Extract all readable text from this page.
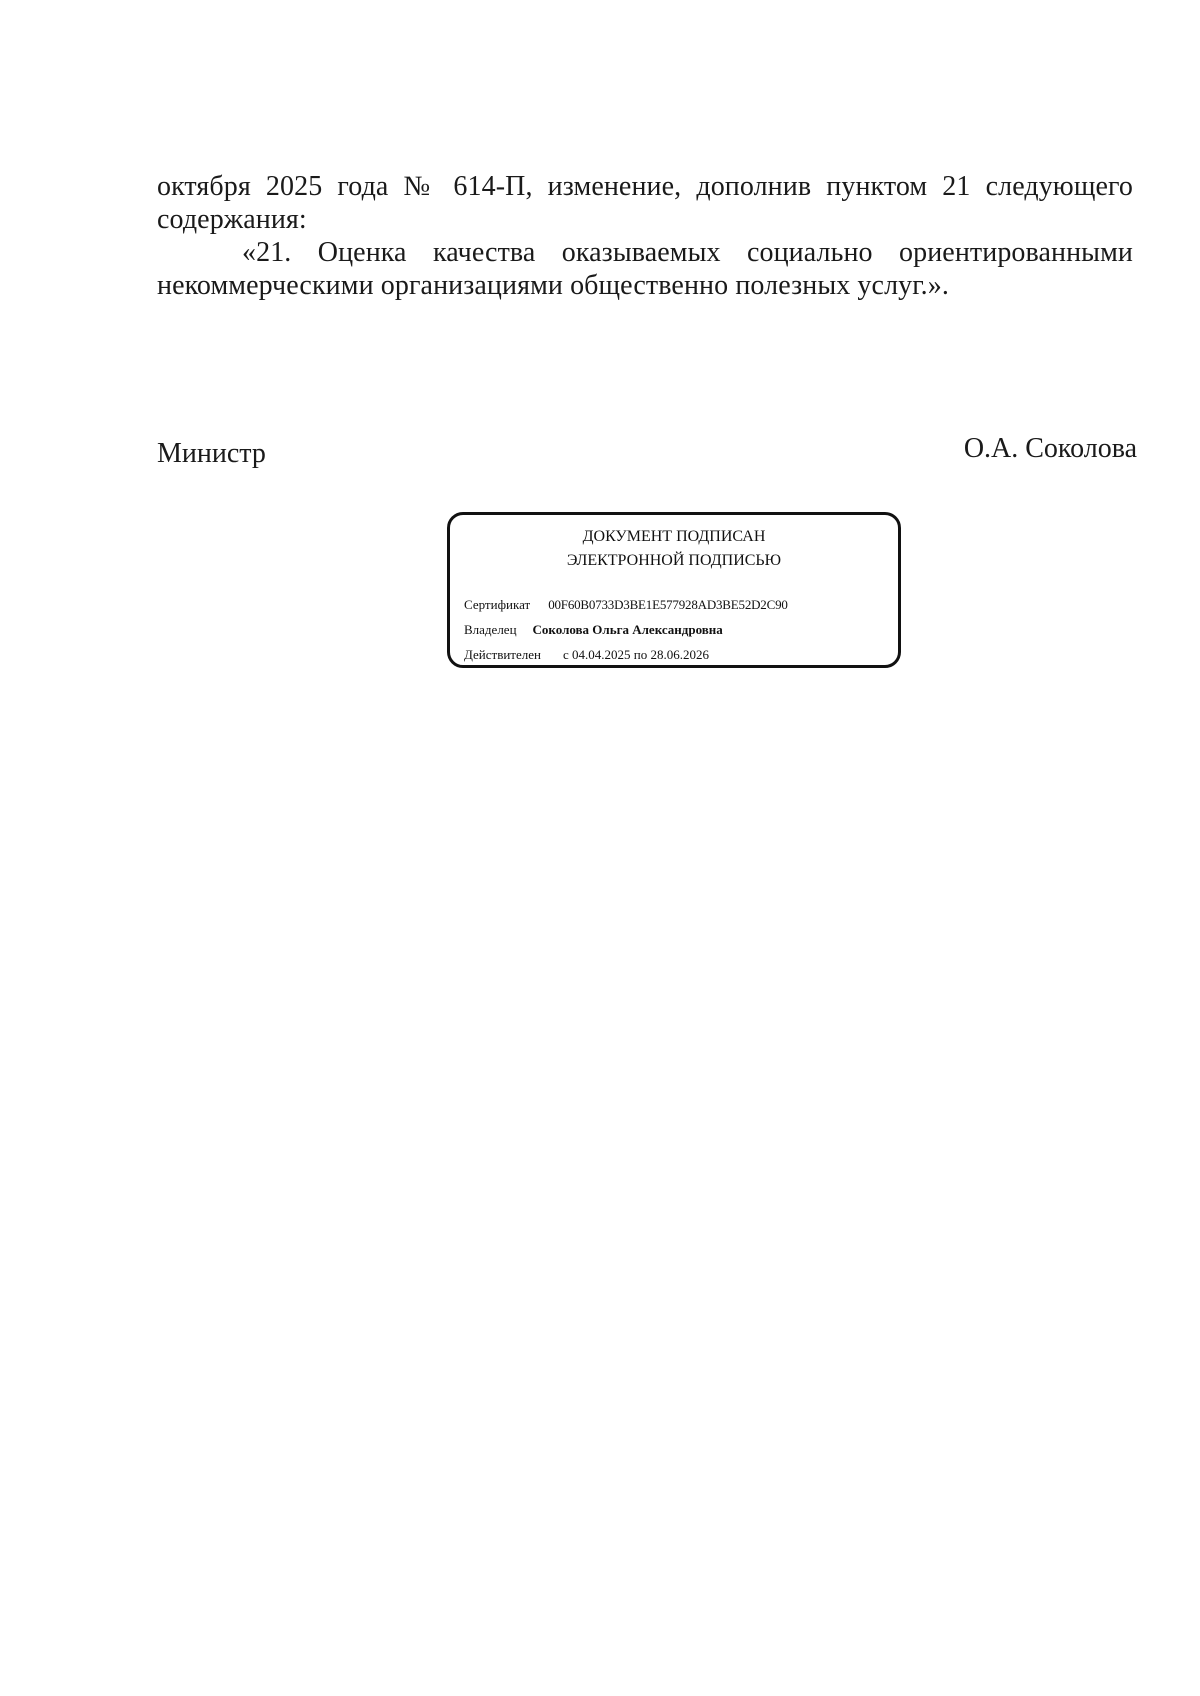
октября 2025 года № 614-П, изменение, дополнив пунктом 21 следующего

содержания:

«21. Оценка качества оказываемых социально ориентированными

некоммерческими организациями общественно полезных услуг.».

Министр	О.А. Соколова
ДОКУМЕНТ ПОДПИСАН
ЭЛЕКТРОННОЙ ПОДПИСЬЮ
Сертификат 00F60B0733D3BE1E577928AD3BE52D2C90
Владелец Соколова Ольга Александровна
Действителен с 04.04.2025 по 28.06.2026
